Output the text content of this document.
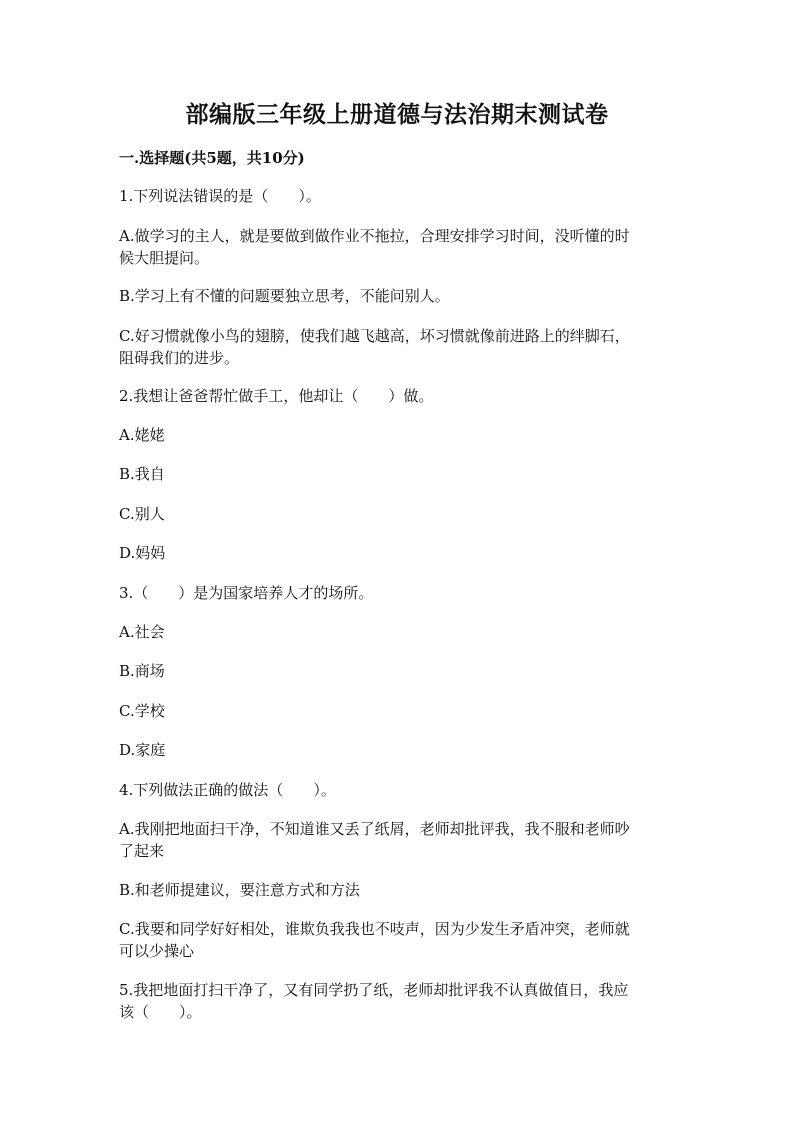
部编版三年级上册道德与法治期末测试卷
一.选择题(共5题，共10分)
1.下列说法错误的是（　　）。
A.做学习的主人，就是要做到做作业不拖拉，合理安排学习时间，没听懂的时
候大胆提问。
B.学习上有不懂的问题要独立思考，不能问别人。
C.好习惯就像小鸟的翅膀，使我们越飞越高，坏习惯就像前进路上的绊脚石，
阻碍我们的进步。
2.我想让爸爸帮忙做手工，他却让（　　）做。
A.姥姥
B.我自
C.别人
D.妈妈
3.（　　）是为国家培养人才的场所。
A.社会
B.商场
C.学校
D.家庭
4.下列做法正确的做法（　　）。
A.我刚把地面扫干净，不知道谁又丢了纸屑，老师却批评我，我不服和老师吵
了起来
B.和老师提建议，要注意方式和方法
C.我要和同学好好相处，谁欺负我我也不吱声，因为少发生矛盾冲突，老师就
可以少操心
5.我把地面打扫干净了，又有同学扔了纸，老师却批评我不认真做值日，我应
该（　　）。
